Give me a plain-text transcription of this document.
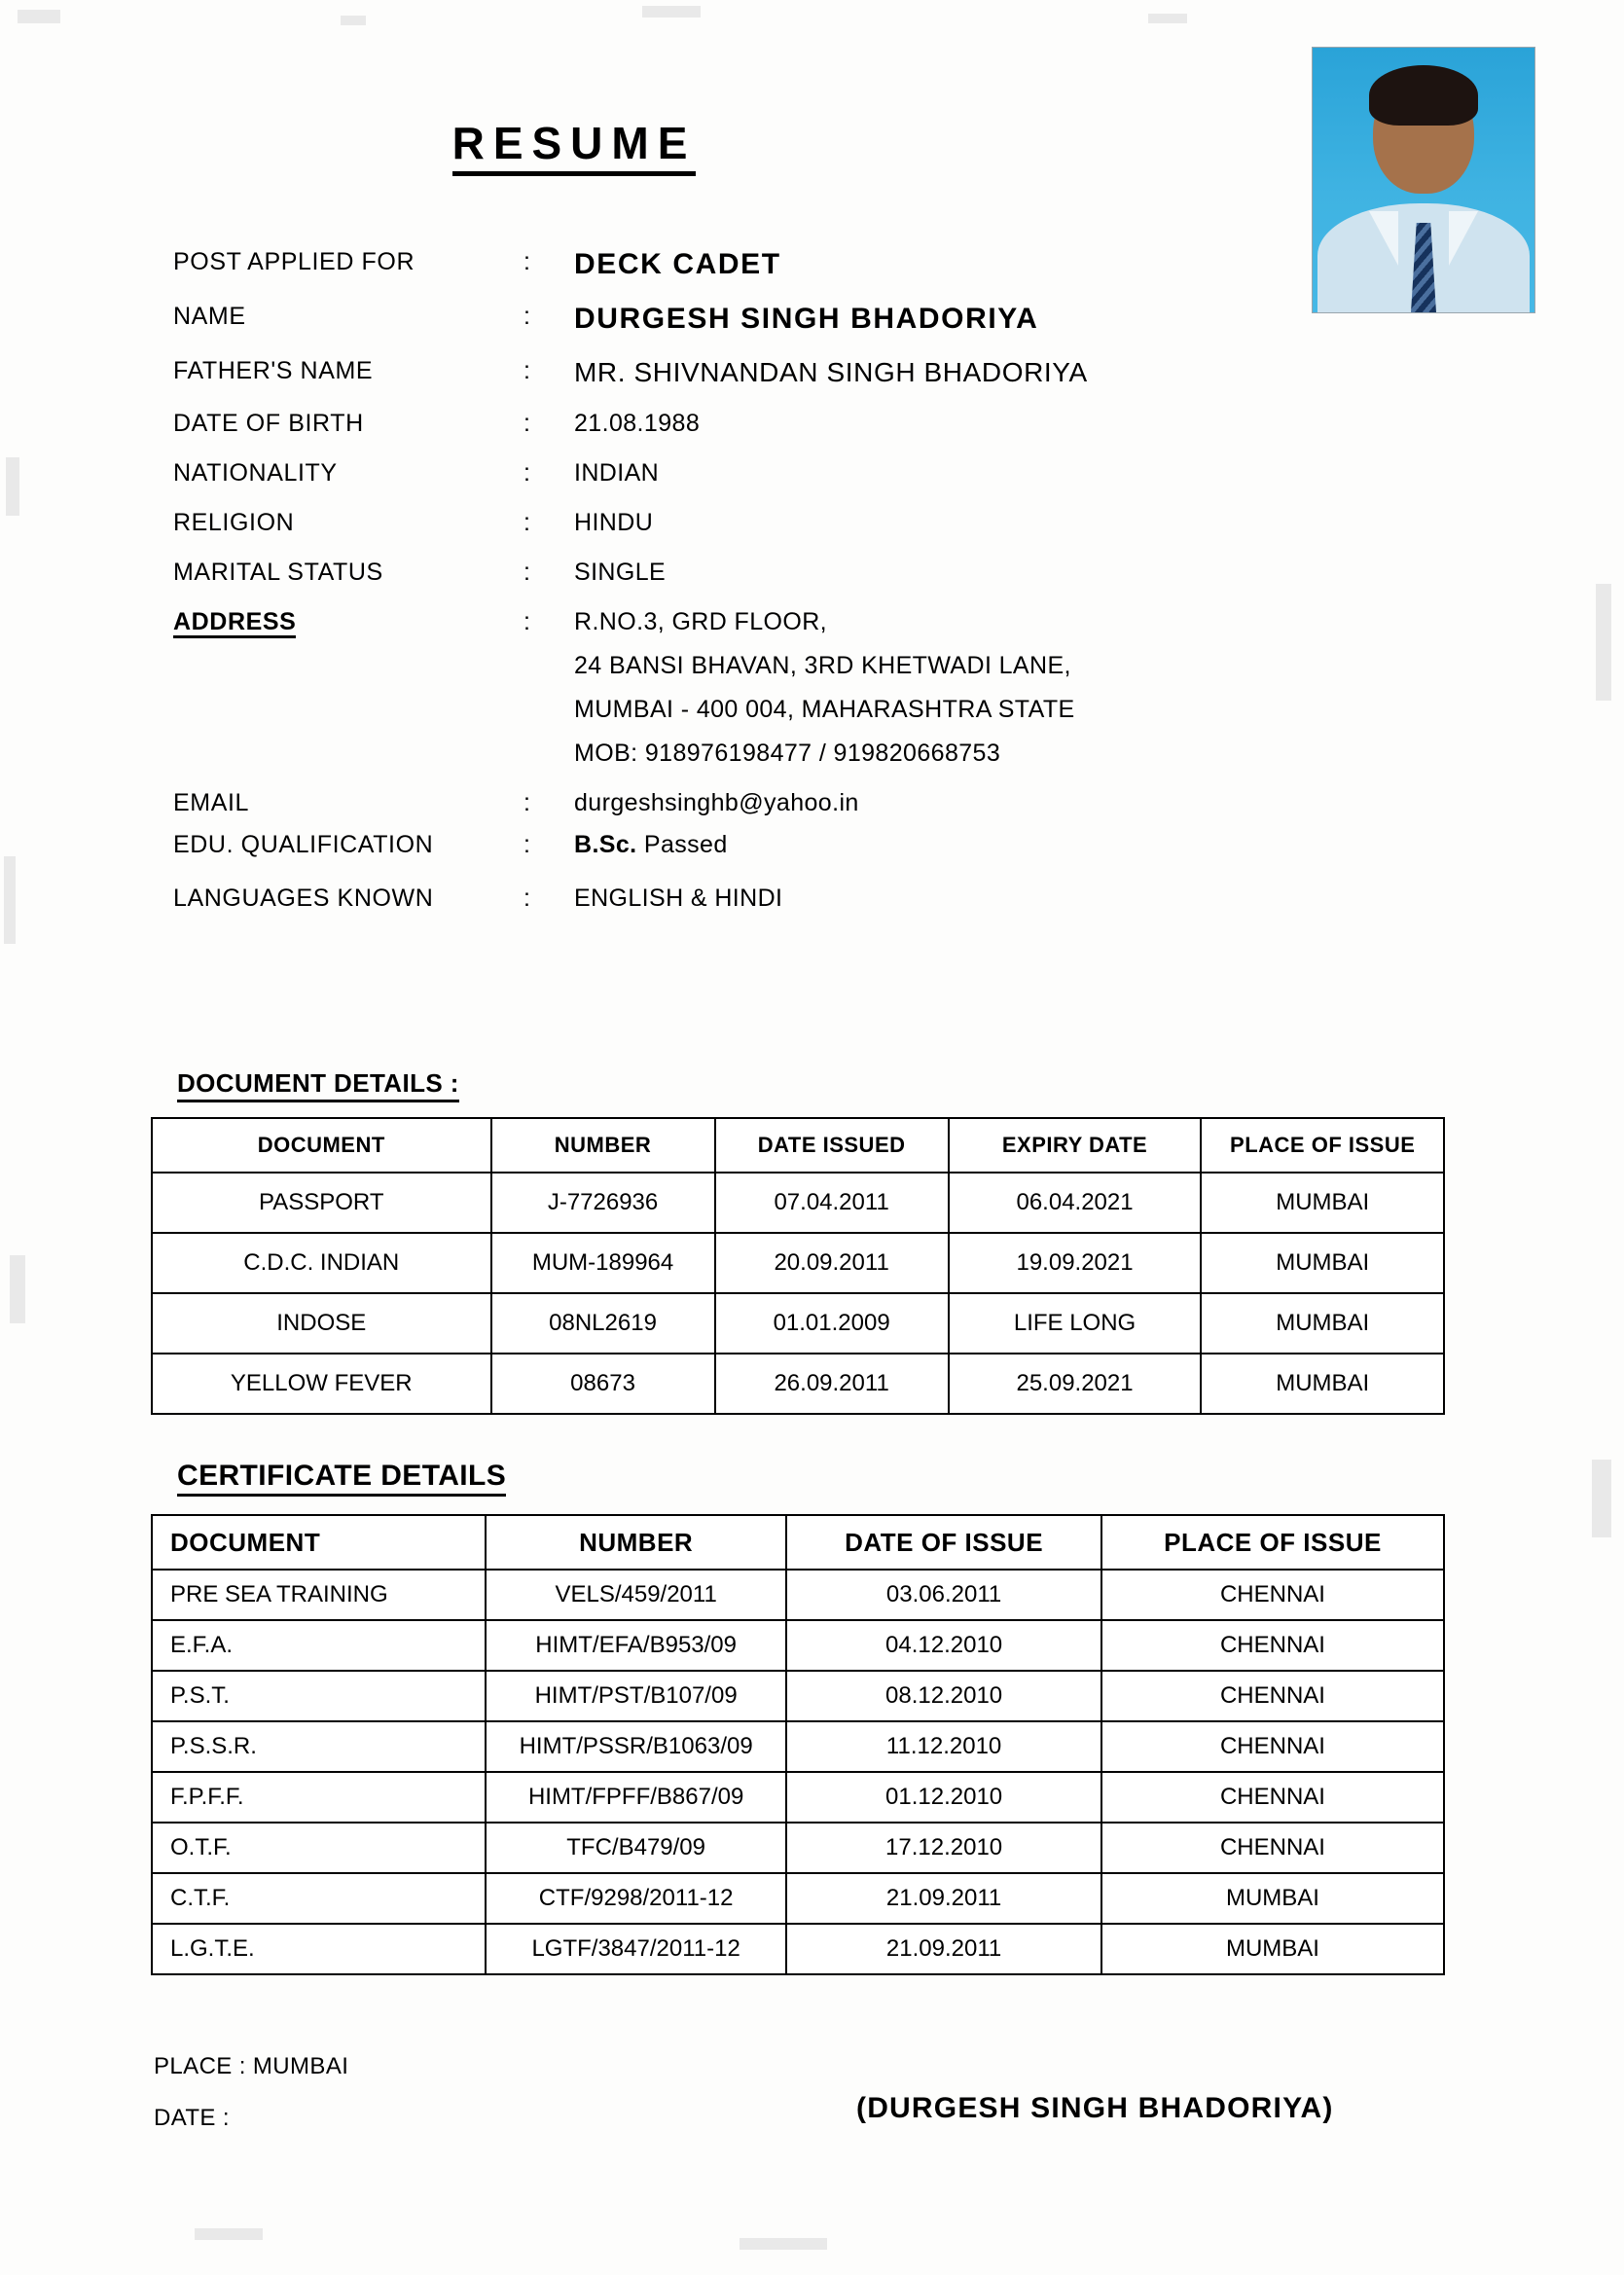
RESUME
POST APPLIED FOR	:	DECK CADET
NAME	:	DURGESH SINGH BHADORIYA
FATHER'S NAME	:	MR. SHIVNANDAN SINGH BHADORIYA
DATE OF BIRTH	:	21.08.1988
NATIONALITY	:	INDIAN
RELIGION	:	HINDU
MARITAL STATUS	:	SINGLE
ADDRESS	:	R.NO.3, GRD FLOOR,
24 BANSI BHAVAN, 3RD KHETWADI LANE,
MUMBAI - 400 004, MAHARASHTRA STATE
MOB: 918976198477 / 919820668753
EMAIL	:	durgeshsinghb@yahoo.in
EDU. QUALIFICATION	:	B.Sc. Passed
LANGUAGES KNOWN	:	ENGLISH & HINDI
DOCUMENT DETAILS :
DOCUMENT	NUMBER	DATE ISSUED	EXPIRY DATE	PLACE OF ISSUE
PASSPORT	J-7726936	07.04.2011	06.04.2021	MUMBAI
C.D.C. INDIAN	MUM-189964	20.09.2011	19.09.2021	MUMBAI
INDOSE	08NL2619	01.01.2009	LIFE LONG	MUMBAI
YELLOW FEVER	08673	26.09.2011	25.09.2021	MUMBAI
CERTIFICATE DETAILS
DOCUMENT	NUMBER	DATE OF ISSUE	PLACE OF ISSUE
PRE SEA TRAINING	VELS/459/2011	03.06.2011	CHENNAI
E.F.A.	HIMT/EFA/B953/09	04.12.2010	CHENNAI
P.S.T.	HIMT/PST/B107/09	08.12.2010	CHENNAI
P.S.S.R.	HIMT/PSSR/B1063/09	11.12.2010	CHENNAI
F.P.F.F.	HIMT/FPFF/B867/09	01.12.2010	CHENNAI
O.T.F.	TFC/B479/09	17.12.2010	CHENNAI
C.T.F.	CTF/9298/2011-12	21.09.2011	MUMBAI
L.G.T.E.	LGTF/3847/2011-12	21.09.2011	MUMBAI
PLACE : MUMBAI
DATE :	(DURGESH SINGH BHADORIYA)
